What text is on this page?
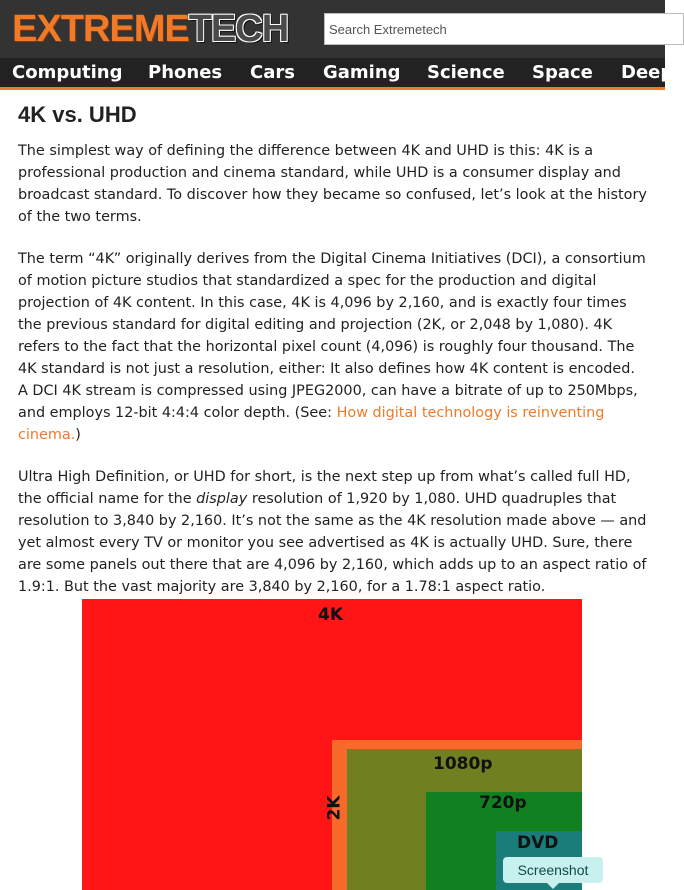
EXTREME TECH
Search Extremetech
Computing Phones Cars Gaming Science Space Deep
4K vs. UHD

The simplest way of defining the difference between 4K and UHD is this: 4K is a professional production and cinema standard, while UHD is a consumer display and broadcast standard. To discover how they became so confused, let’s look at the history of the two terms.

The term “4K” originally derives from the Digital Cinema Initiatives (DCI), a consortium of motion picture studios that standardized a spec for the production and digital projection of 4K content. In this case, 4K is 4,096 by 2,160, and is exactly four times the previous standard for digital editing and projection (2K, or 2,048 by 1,080). 4K refers to the fact that the horizontal pixel count (4,096) is roughly four thousand. The 4K standard is not just a resolution, either: It also defines how 4K content is encoded. A DCI 4K stream is compressed using JPEG2000, can have a bitrate of up to 250Mbps, and employs 12-bit 4:4:4 color depth. (See: How digital technology is reinventing cinema.)

Ultra High Definition, or UHD for short, is the next step up from what’s called full HD, the official name for the display resolution of 1,920 by 1,080. UHD quadruples that resolution to 3,840 by 2,160. It’s not the same as the 4K resolution made above — and yet almost every TV or monitor you see advertised as 4K is actually UHD. Sure, there are some panels out there that are 4,096 by 2,160, which adds up to an aspect ratio of 1.9:1. But the vast majority are 3,840 by 2,160, for a 1.78:1 aspect ratio.

4K
2K
1080p
720p
DVD
Screenshot
